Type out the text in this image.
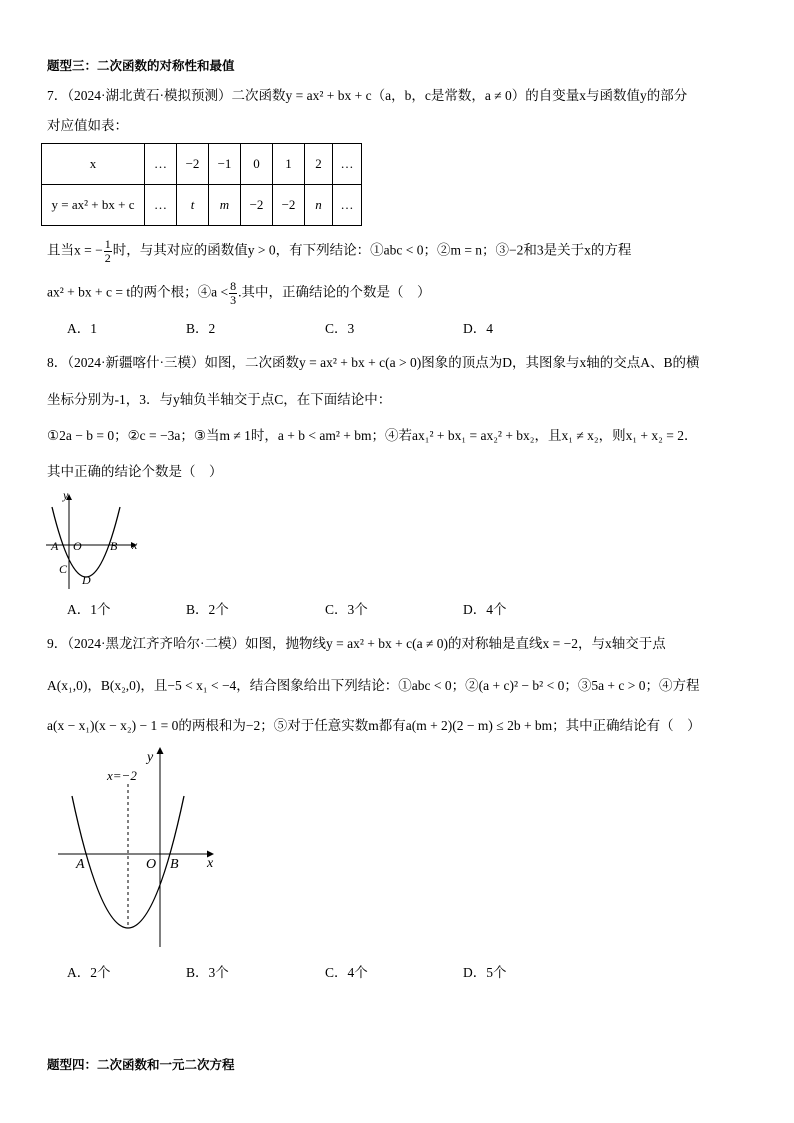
题型三：二次函数的对称性和最值
7．（2024·湖北黄石·模拟预测）二次函数y = ax² + bx + c（a，b，c是常数，a ≠ 0）的自变量x与函数值y的部分
对应值如表：
x	…	−2	−1	0	1	2	…
y = ax² + bx + c	…	t	m	−2	−2	n	…
且当x = − $\frac{1}{2}$ 时，与其对应的函数值y > 0，有下列结论：①abc < 0；②m = n；③−2和3是关于x的方程
ax² + bx + c = t的两个根；④a < $\frac{8}{3}$ .其中，正确结论的个数是（　）
A．1	B．2	C．3	D．4
8．（2024·新疆喀什·三模）如图，二次函数y = ax² + bx + c(a > 0)图象的顶点为D，其图象与x轴的交点A、B的横
坐标分别为-1，3．与y轴负半轴交于点C，在下面结论中：
①2a − b = 0；②c = −3a；③当m ≠ 1时，a + b < am² + bm；④若ax₁² + bx₁ = ax₂² + bx₂，且x₁ ≠ x₂，则x₁ + x₂ = 2．
其中正确的结论个数是（　）
y
x
A O B
C
D
A．1个	B．2个	C．3个	D．4个
9．（2024·黑龙江齐齐哈尔·二模）如图，抛物线y = ax² + bx + c(a ≠ 0)的对称轴是直线x = −2，与x轴交于点
A(x₁,0)，B(x₂,0)，且−5 < x₁ < −4，结合图象给出下列结论：①abc < 0；②(a + c)² − b² < 0；③5a + c > 0；④方程
a(x − x₁)(x − x₂) − 1 = 0的两根和为−2；⑤对于任意实数m都有a(m + 2)(2 − m) ≤ 2b + bm；其中正确结论有（　）
x=−2
y
x
A	O B
A．2个	B．3个	C．4个	D．5个
题型四：二次函数和一元二次方程
